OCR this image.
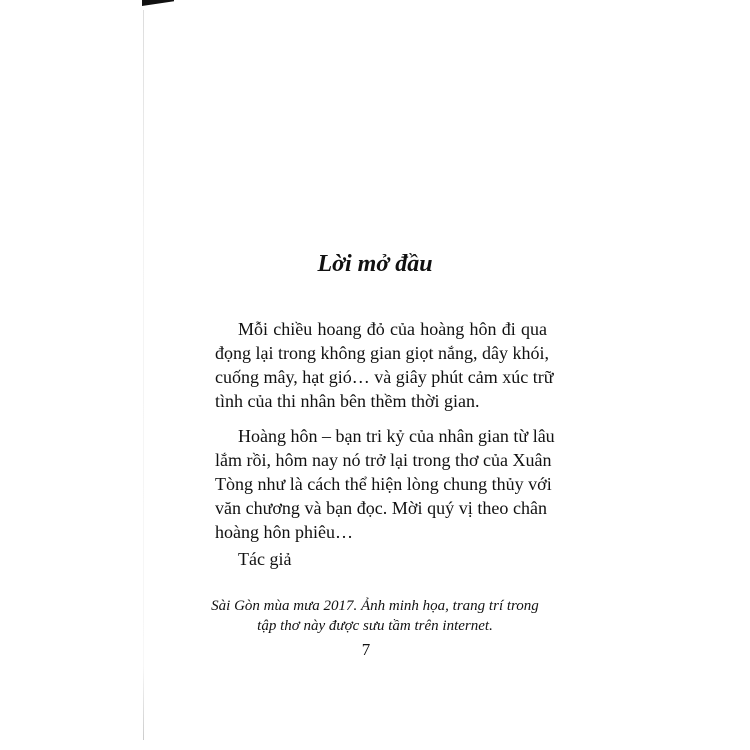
Lời mở đầu
Mỗi chiều hoang đỏ của hoàng hôn đi qua
đọng lại trong không gian giọt nắng, dây khói,
cuống mây, hạt gió… và giây phút cảm xúc trữ
tình của thi nhân bên thềm thời gian.
Hoàng hôn – bạn tri kỷ của nhân gian từ lâu
lắm rồi, hôm nay nó trở lại trong thơ của Xuân
Tòng như là cách thể hiện lòng chung thủy với
văn chương và bạn đọc. Mời quý vị theo chân
hoàng hôn phiêu…
Tác giả
Sài Gòn mùa mưa 2017. Ảnh minh họa, trang trí trong
tập thơ này được sưu tầm trên internet.
7
